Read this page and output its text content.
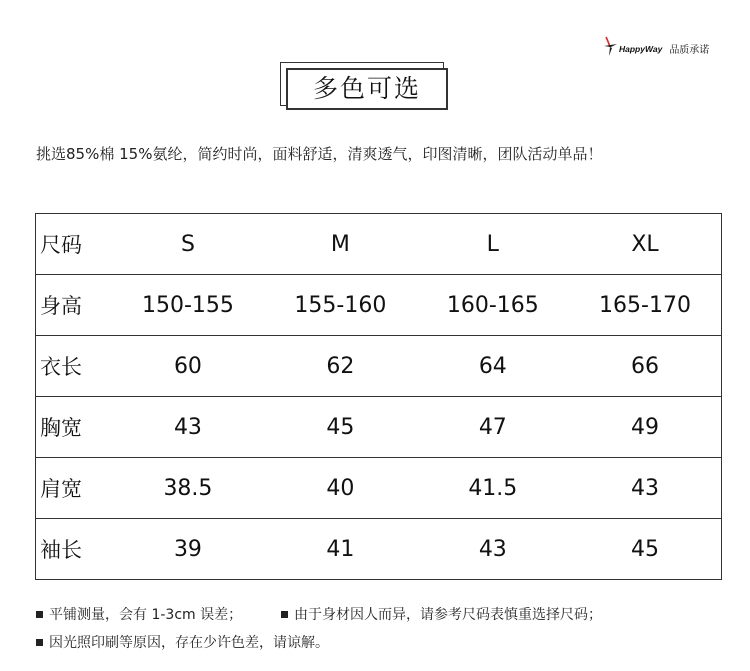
HappyWay 品质承诺
多色可选
挑选85%棉 15%氨纶，简约时尚，面料舒适，清爽透气，印图清晰，团队活动单品！
尺码	S	M	L	XL
身高	150-155	155-160	160-165	165-170
衣长	60	62	64	66
胸宽	43	45	47	49
肩宽	38.5	40	41.5	43
袖长	39	41	43	45
平铺测量，会有 1-3cm 误差；	由于身材因人而异，请参考尺码表慎重选择尺码；
因光照印刷等原因，存在少许色差，请谅解。
